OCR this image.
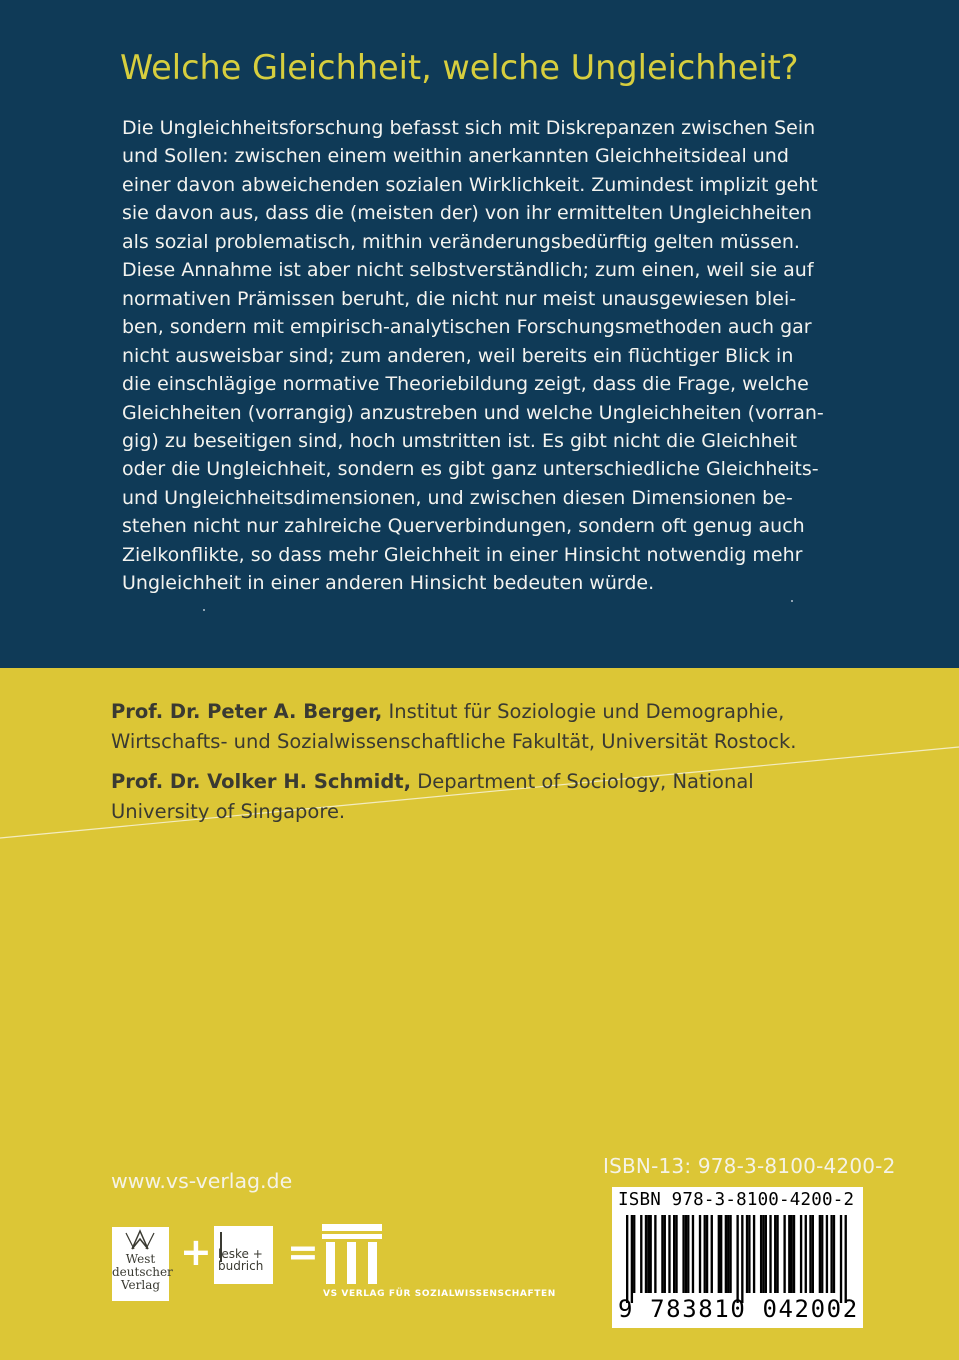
Welche Gleichheit, welche Ungleichheit?
Die Ungleichheitsforschung befasst sich mit Diskrepanzen zwischen Sein
und Sollen: zwischen einem weithin anerkannten Gleichheitsideal und
einer davon abweichenden sozialen Wirklichkeit. Zumindest implizit geht
sie davon aus, dass die (meisten der) von ihr ermittelten Ungleichheiten
als sozial problematisch, mithin veränderungsbedürftig gelten müssen.
Diese Annahme ist aber nicht selbstverständlich; zum einen, weil sie auf
normativen Prämissen beruht, die nicht nur meist unausgewiesen blei-
ben, sondern mit empirisch-analytischen Forschungsmethoden auch gar
nicht ausweisbar sind; zum anderen, weil bereits ein flüchtiger Blick in
die einschlägige normative Theoriebildung zeigt, dass die Frage, welche
Gleichheiten (vorrangig) anzustreben und welche Ungleichheiten (vorran-
gig) zu beseitigen sind, hoch umstritten ist. Es gibt nicht die Gleichheit
oder die Ungleichheit, sondern es gibt ganz unterschiedliche Gleichheits-
und Ungleichheitsdimensionen, und zwischen diesen Dimensionen be-
stehen nicht nur zahlreiche Querverbindungen, sondern oft genug auch
Zielkonflikte, so dass mehr Gleichheit in einer Hinsicht notwendig mehr
Ungleichheit in einer anderen Hinsicht bedeuten würde.
Prof. Dr. Peter A. Berger, Institut für Soziologie und Demographie,
Wirtschafts- und Sozialwissenschaftliche Fakultät, Universität Rostock.
Prof. Dr. Volker H. Schmidt, Department of Sociology, National
University of Singapore.
www.vs-verlag.de
West
deutscher
Verlag
+ leske +
budrich =
VS VERLAG FÜR SOZIALWISSENSCHAFTEN
ISBN-13: 978-3-8100-4200-2
ISBN 978-3-8100-4200-2
9 783810 042002
